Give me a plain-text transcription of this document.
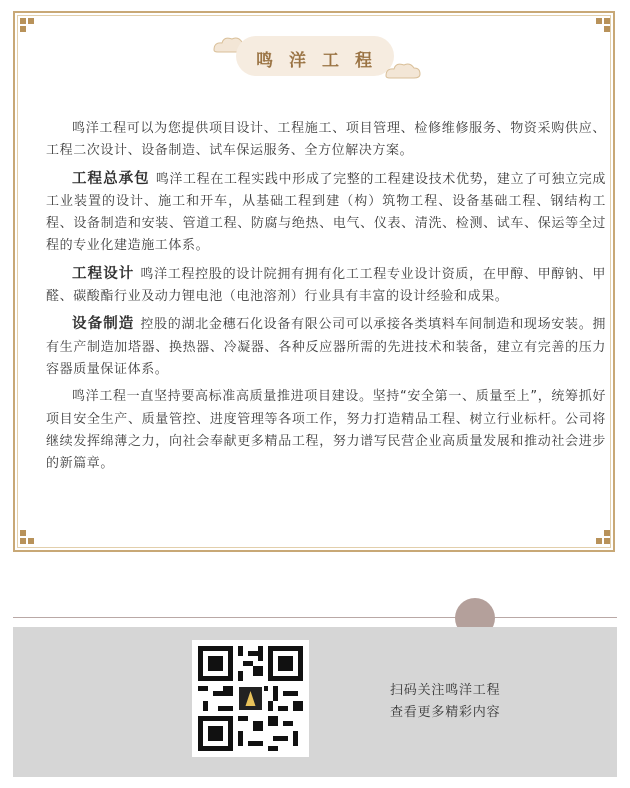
鸣洋工程

鸣洋工程可以为您提供项目设计、工程施工、项目管理、检修维修服务、物资采购供应、工程二次设计、设备制造、试车保运服务、全方位解决方案。

工程总承包 鸣洋工程在工程实践中形成了完整的工程建设技术优势，建立了可独立完成工业装置的设计、施工和开车，从基础工程到建（构）筑物工程、设备基础工程、钢结构工程、设备制造和安装、管道工程、防腐与绝热、电气、仪表、清洗、检测、试车、保运等全过程的专业化建造施工体系。

工程设计 鸣洋工程控股的设计院拥有拥有化工工程专业设计资质，在甲醇、甲醇钠、甲醛、碳酸酯行业及动力锂电池（电池溶剂）行业具有丰富的设计经验和成果。

设备制造 控股的湖北金穗石化设备有限公司可以承接各类填料车间制造和现场安装。拥有生产制造加塔器、换热器、冷凝器、各种反应器所需的先进技术和装备，建立有完善的压力容器质量保证体系。

鸣洋工程一直坚持要高标准高质量推进项目建设。坚持“安全第一、质量至上”，统筹抓好项目安全生产、质量管控、进度管理等各项工作，努力打造精品工程、树立行业标杆。公司将继续发挥绵薄之力，向社会奉献更多精品工程，努力谱写民营企业高质量发展和推动社会进步的新篇章。

扫码关注鸣洋工程
查看更多精彩内容
